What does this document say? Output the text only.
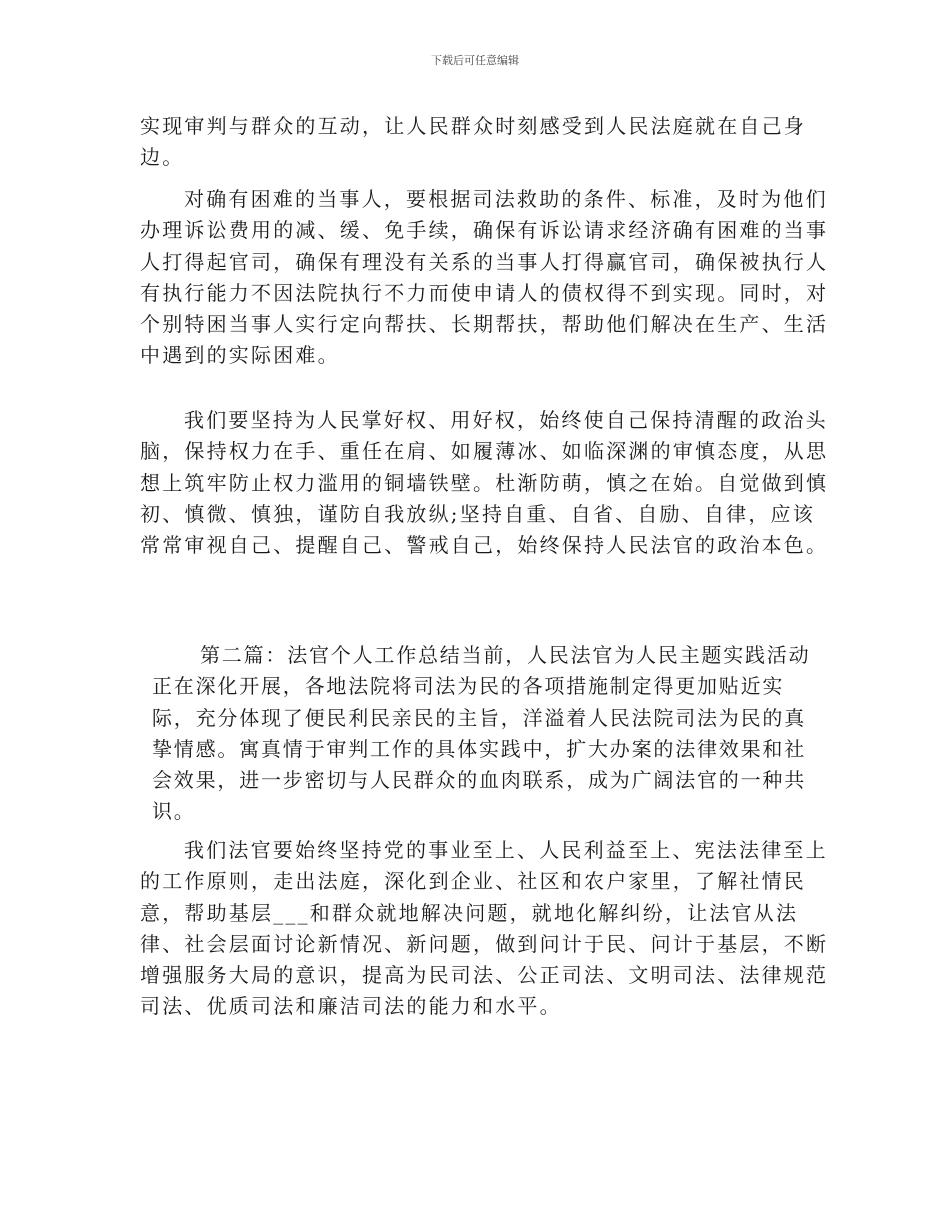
下载后可任意编辑

实现审判与群众的互动，让人民群众时刻感受到人民法庭就在自己身边。

对确有困难的当事人，要根据司法救助的条件、标准，及时为他们办理诉讼费用的减、缓、免手续，确保有诉讼请求经济确有困难的当事人打得起官司，确保有理没有关系的当事人打得赢官司，确保被执行人有执行能力不因法院执行不力而使申请人的债权得不到实现。同时，对个别特困当事人实行定向帮扶、长期帮扶，帮助他们解决在生产、生活中遇到的实际困难。

我们要坚持为人民掌好权、用好权，始终使自己保持清醒的政治头脑，保持权力在手、重任在肩、如履薄冰、如临深渊的审慎态度，从思想上筑牢防止权力滥用的铜墙铁壁。杜渐防萌，慎之在始。自觉做到慎初、慎微、慎独，谨防自我放纵;坚持自重、自省、自励、自律，应该常常审视自己、提醒自己、警戒自己，始终保持人民法官的政治本色。

第二篇：法官个人工作总结当前，人民法官为人民主题实践活动正在深化开展，各地法院将司法为民的各项措施制定得更加贴近实际，充分体现了便民利民亲民的主旨，洋溢着人民法院司法为民的真挚情感。寓真情于审判工作的具体实践中，扩大办案的法律效果和社会效果，进一步密切与人民群众的血肉联系，成为广阔法官的一种共识。

我们法官要始终坚持党的事业至上、人民利益至上、宪法法律至上的工作原则，走出法庭，深化到企业、社区和农户家里，了解社情民意，帮助基层___和群众就地解决问题，就地化解纠纷，让法官从法律、社会层面讨论新情况、新问题，做到问计于民、问计于基层，不断增强服务大局的意识，提高为民司法、公正司法、文明司法、法律规范司法、优质司法和廉洁司法的能力和水平。
